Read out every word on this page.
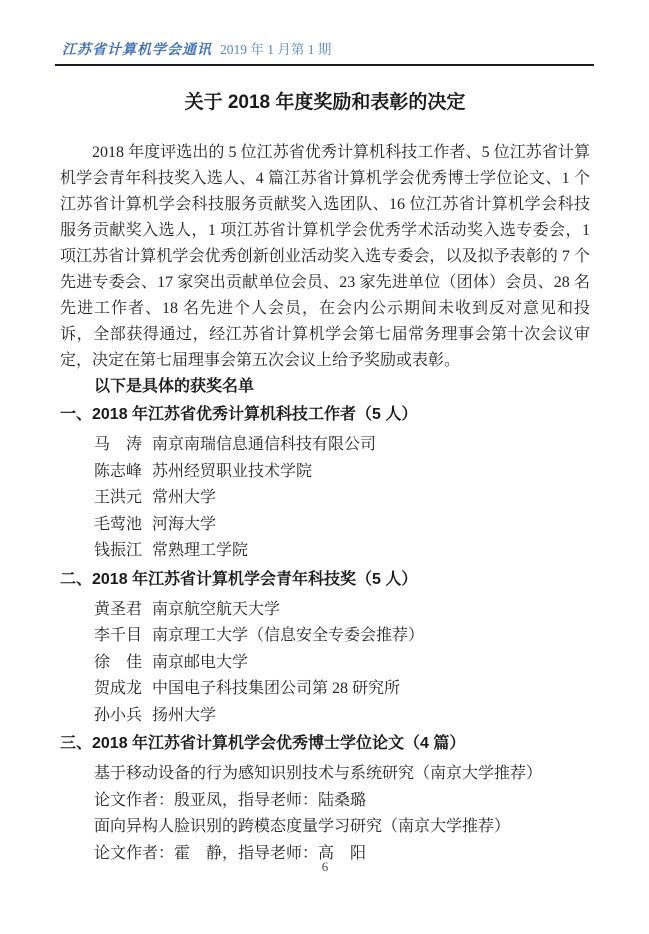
江苏省计算机学会通讯 2019 年 1 月第 1 期
关于 2018 年度奖励和表彰的决定
2018 年度评选出的 5 位江苏省优秀计算机科技工作者、5 位江苏省计算机学会青年科技奖入选人、4 篇江苏省计算机学会优秀博士学位论文、1 个江苏省计算机学会科技服务贡献奖入选团队、16 位江苏省计算机学会科技服务贡献奖入选人，1 项江苏省计算机学会优秀学术活动奖入选专委会，1 项江苏省计算机学会优秀创新创业活动奖入选专委会，以及拟予表彰的 7 个先进专委会、17 家突出贡献单位会员、23 家先进单位（团体）会员、28 名先进工作者、18 名先进个人会员，在会内公示期间未收到反对意见和投诉，全部获得通过，经江苏省计算机学会第七届常务理事会第十次会议审定，决定在第七届理事会第五次会议上给予奖励或表彰。
以下是具体的获奖名单
一、2018 年江苏省优秀计算机科技工作者（5 人）
马　涛 南京南瑞信息通信科技有限公司
陈志峰 苏州经贸职业技术学院
王洪元 常州大学
毛莺池 河海大学
钱振江 常熟理工学院
二、2018 年江苏省计算机学会青年科技奖（5 人）
黄圣君 南京航空航天大学
李千目 南京理工大学（信息安全专委会推荐）
徐　佳 南京邮电大学
贺成龙 中国电子科技集团公司第 28 研究所
孙小兵 扬州大学
三、2018 年江苏省计算机学会优秀博士学位论文（4 篇）
基于移动设备的行为感知识别技术与系统研究（南京大学推荐）
论文作者：殷亚凤，指导老师：陆桑璐
面向异构人脸识别的跨模态度量学习研究（南京大学推荐）
论文作者：霍　静，指导老师：高　阳
6
